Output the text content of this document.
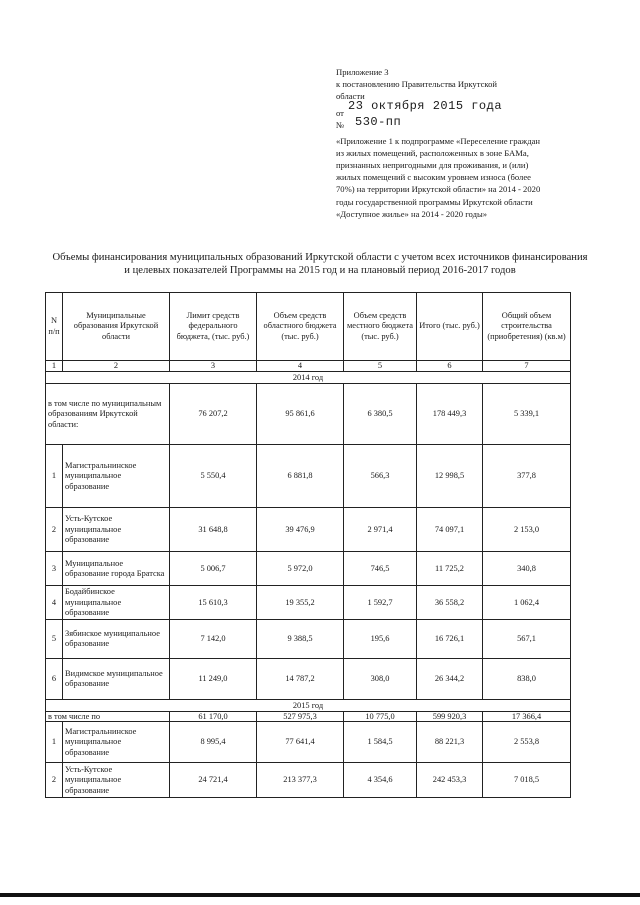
Приложение 3
к постановлению Правительства Иркутской
области
от 23 октября 2015 года
№ 530-пп
«Приложение 1 к подпрограмме «Переселение граждан из жилых помещений, расположенных в зоне БАМа, признанных непригодными для проживания, и (или) жилых помещений с высоким уровнем износа (более 70%) на территории Иркутской области» на 2014 - 2020 годы государственной программы Иркутской области «Доступное жилье» на 2014 - 2020 годы»
Объемы финансирования муниципальных образований Иркутской области с учетом всех источников финансирования и целевых показателей Программы на 2015 год и на плановый период 2016-2017 годов
N п/п	Муниципальные образования Иркутской области	Лимит средств федерального бюджета, (тыс. руб.)	Объем средств областного бюджета (тыс. руб.)	Объем средств местного бюджета (тыс. руб.)	Итого (тыс. руб.)	Общий объем строительства (приобретения) (кв.м)
1	2	3	4	5	6	7
2014 год						
в том числе по муниципальным образованиям Иркутской области:		76 207,2	95 861,6	6 380,5	178 449,3	5 339,1
1	Магистральнинское муниципальное образование	5 550,4	6 881,8	566,3	12 998,5	377,8
2	Усть-Кутское муниципальное образование	31 648,8	39 476,9	2 971,4	74 097,1	2 153,0
3	Муниципальное образование города Братска	5 006,7	5 972,0	746,5	11 725,2	340,8
4	Бодайбинское муниципальное образование	15 610,3	19 355,2	1 592,7	36 558,2	1 062,4
5	Зябинское муниципальное образование	7 142,0	9 388,5	195,6	16 726,1	567,1
6	Видимское муниципальное образование	11 249,0	14 787,2	308,0	26 344,2	838,0
2015 год						
в том числе по		61 170,0	527 975,3	10 775,0	599 920,3	17 366,4
1	Магистральнинское муниципальное образование	8 995,4	77 641,4	1 584,5	88 221,3	2 553,8
2	Усть-Кутское муниципальное образование	24 721,4	213 377,3	4 354,6	242 453,3	7 018,5
